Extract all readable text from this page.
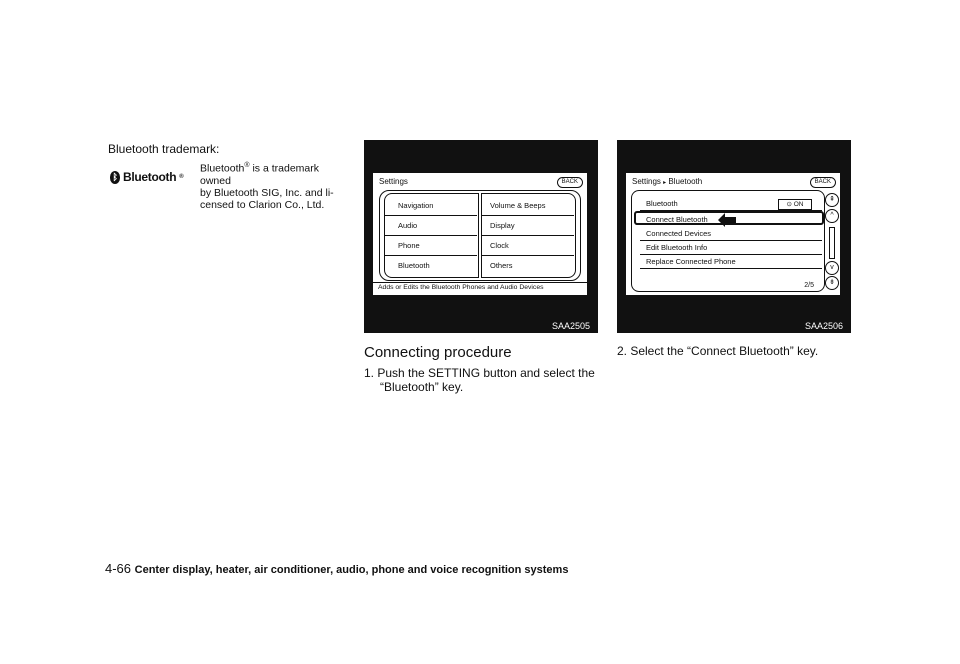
Bluetooth trademark:
ᛒ Bluetooth ®
Bluetooth® is a trademark owned
by Bluetooth SIG, Inc. and li-
censed to Clarion Co., Ltd.
Settings	BACK
Navigation
Audio
Phone
Bluetooth
Volume & Beeps
Display
Clock
Others
Adds or Edits the Bluetooth Phones and Audio Devices
SAA2505
Settings ▸ Bluetooth	BACK
Bluetooth	⊙ ON
Connect Bluetooth
Connected Devices
Edit Bluetooth Info
Replace Connected Phone
2/5
⇞
^
v
⇟
SAA2506
Connecting procedure
1. Push the SETTING button and select the
“Bluetooth” key.
2. Select the “Connect Bluetooth” key.
4-66 Center display, heater, air conditioner, audio, phone and voice recognition systems
